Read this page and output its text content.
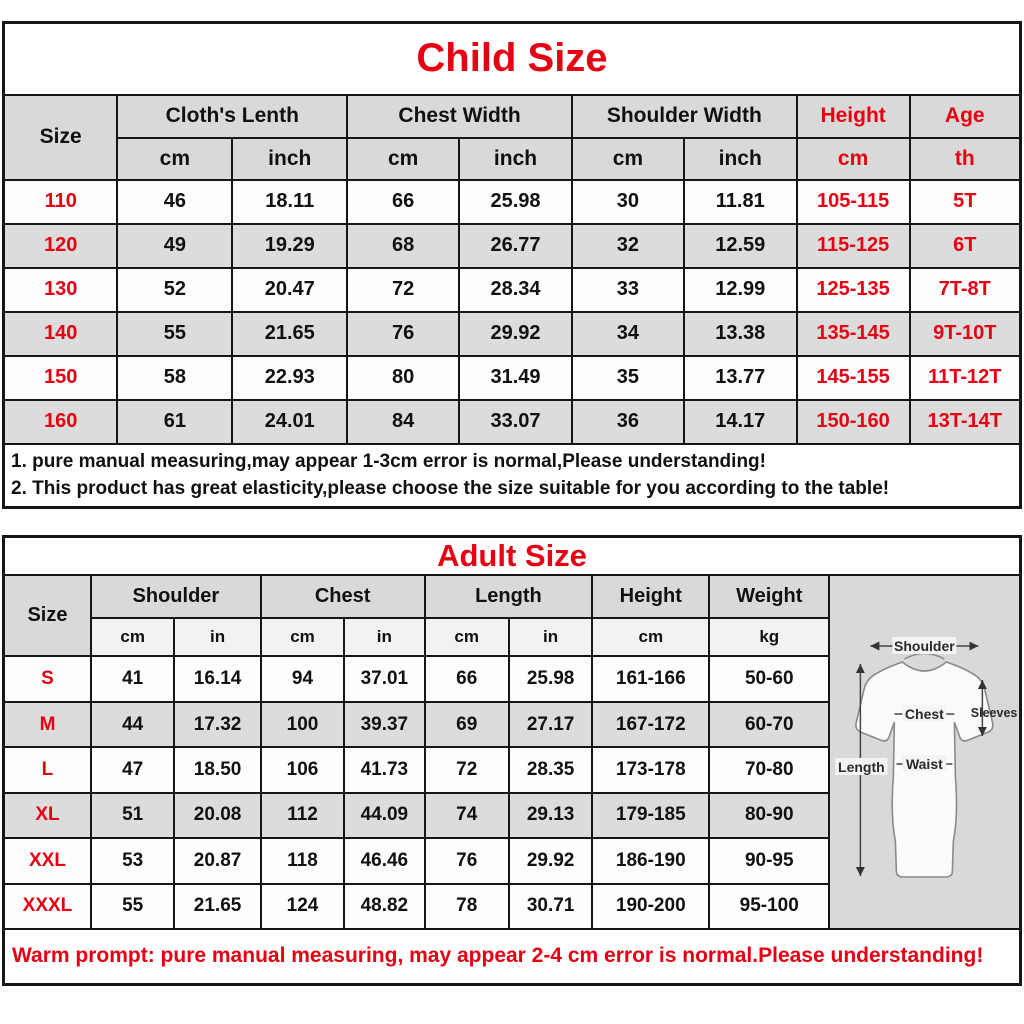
Child Size								
Size	Cloth's Lenth		Chest Width		Shoulder Width		Height	Age
	cm	inch	cm	inch	cm	inch	cm	th
110	46	18.11	66	25.98	30	11.81	105-115	5T
120	49	19.29	68	26.77	32	12.59	115-125	6T
130	52	20.47	72	28.34	33	12.99	125-135	7T-8T
140	55	21.65	76	29.92	34	13.38	135-145	9T-10T
150	58	22.93	80	31.49	35	13.77	145-155	11T-12T
160	61	24.01	84	33.07	36	14.17	150-160	13T-14T

1. pure manual measuring,may appear 1-3cm error is normal,Please understanding!
2. This product has great elasticity,please choose the size suitable for you according to the table!								
Adult Size									
Size	Shoulder		Chest		Length		Height	Weight	Shoulder
Sleeves
Chest
Waist
Length

	cm	in	cm	in	cm	in	cm	kg	
S	41	16.14	94	37.01	66	25.98	161-166	50-60	
M	44	17.32	100	39.37	69	27.17	167-172	60-70	
L	47	18.50	106	41.73	72	28.35	173-178	70-80	
XL	51	20.08	112	44.09	74	29.13	179-185	80-90	
XXL	53	20.87	118	46.46	76	29.92	186-190	90-95	
XXXL	55	21.65	124	48.82	78	30.71	190-200	95-100	
Warm prompt: pure manual measuring, may appear 2-4 cm error is normal.Please understanding!									
